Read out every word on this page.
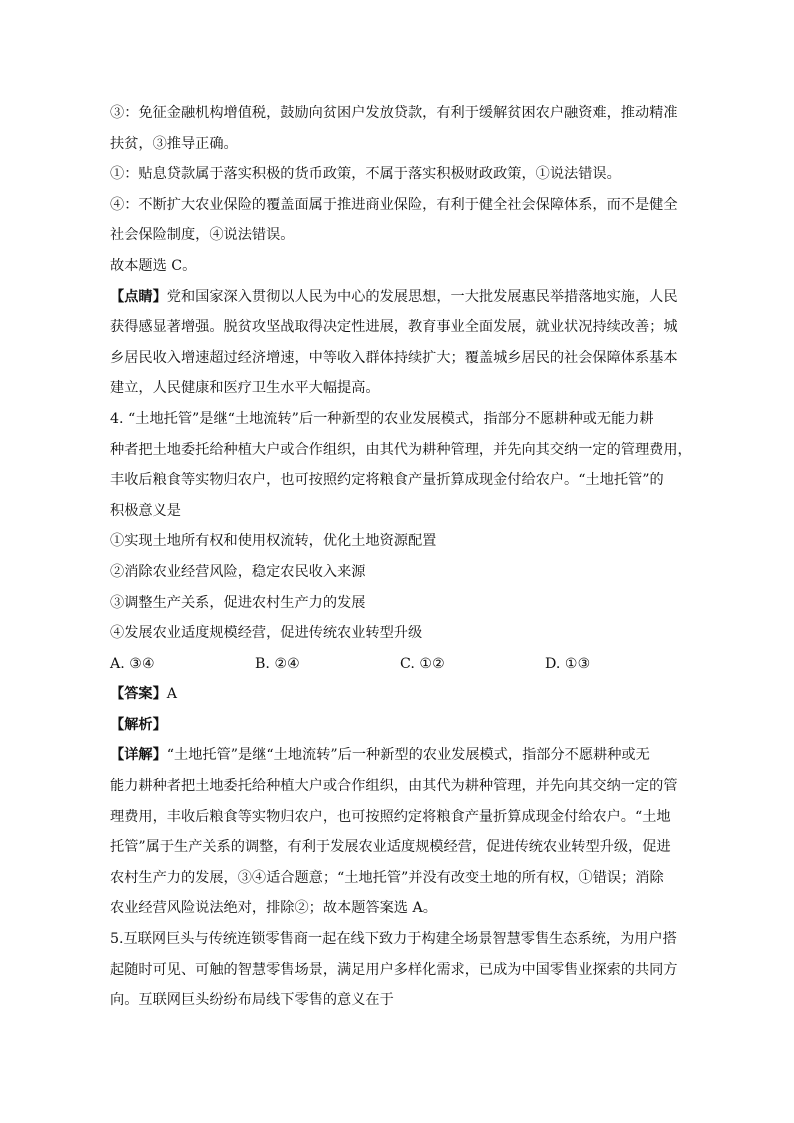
③：免征金融机构增值税，鼓励向贫困户发放贷款，有利于缓解贫困农户融资难，推动精准
扶贫，③推导正确。
①：贴息贷款属于落实积极的货币政策，不属于落实积极财政政策，①说法错误。
④：不断扩大农业保险的覆盖面属于推进商业保险，有利于健全社会保障体系，而不是健全
社会保险制度，④说法错误。
故本题选 C。
【点睛】党和国家深入贯彻以人民为中心的发展思想，一大批发展惠民举措落地实施，人民
获得感显著增强。脱贫攻坚战取得决定性进展，教育事业全面发展，就业状况持续改善；城
乡居民收入增速超过经济增速，中等收入群体持续扩大；覆盖城乡居民的社会保障体系基本
建立，人民健康和医疗卫生水平大幅提高。
4. “土地托管”是继“土地流转”后一种新型的农业发展模式，指部分不愿耕种或无能力耕
种者把土地委托给种植大户或合作组织，由其代为耕种管理，并先向其交纳一定的管理费用，
丰收后粮食等实物归农户，也可按照约定将粮食产量折算成现金付给农户。“土地托管”的
积极意义是
①实现土地所有权和使用权流转，优化土地资源配置
②消除农业经营风险，稳定农民收入来源
③调整生产关系，促进农村生产力的发展
④发展农业适度规模经营，促进传统农业转型升级
A. ③④	B. ②④	C. ①②	D. ①③
【答案】A
【解析】
【详解】“土地托管”是继“土地流转”后一种新型的农业发展模式，指部分不愿耕种或无
能力耕种者把土地委托给种植大户或合作组织，由其代为耕种管理，并先向其交纳一定的管
理费用，丰收后粮食等实物归农户，也可按照约定将粮食产量折算成现金付给农户。“土地
托管”属于生产关系的调整，有利于发展农业适度规模经营，促进传统农业转型升级，促进
农村生产力的发展，③④适合题意；“土地托管”并没有改变土地的所有权，①错误；消除
农业经营风险说法绝对，排除②；故本题答案选 A。
5.互联网巨头与传统连锁零售商一起在线下致力于构建全场景智慧零售生态系统，为用户搭
起随时可见、可触的智慧零售场景，满足用户多样化需求，已成为中国零售业探索的共同方
向。互联网巨头纷纷布局线下零售的意义在于
